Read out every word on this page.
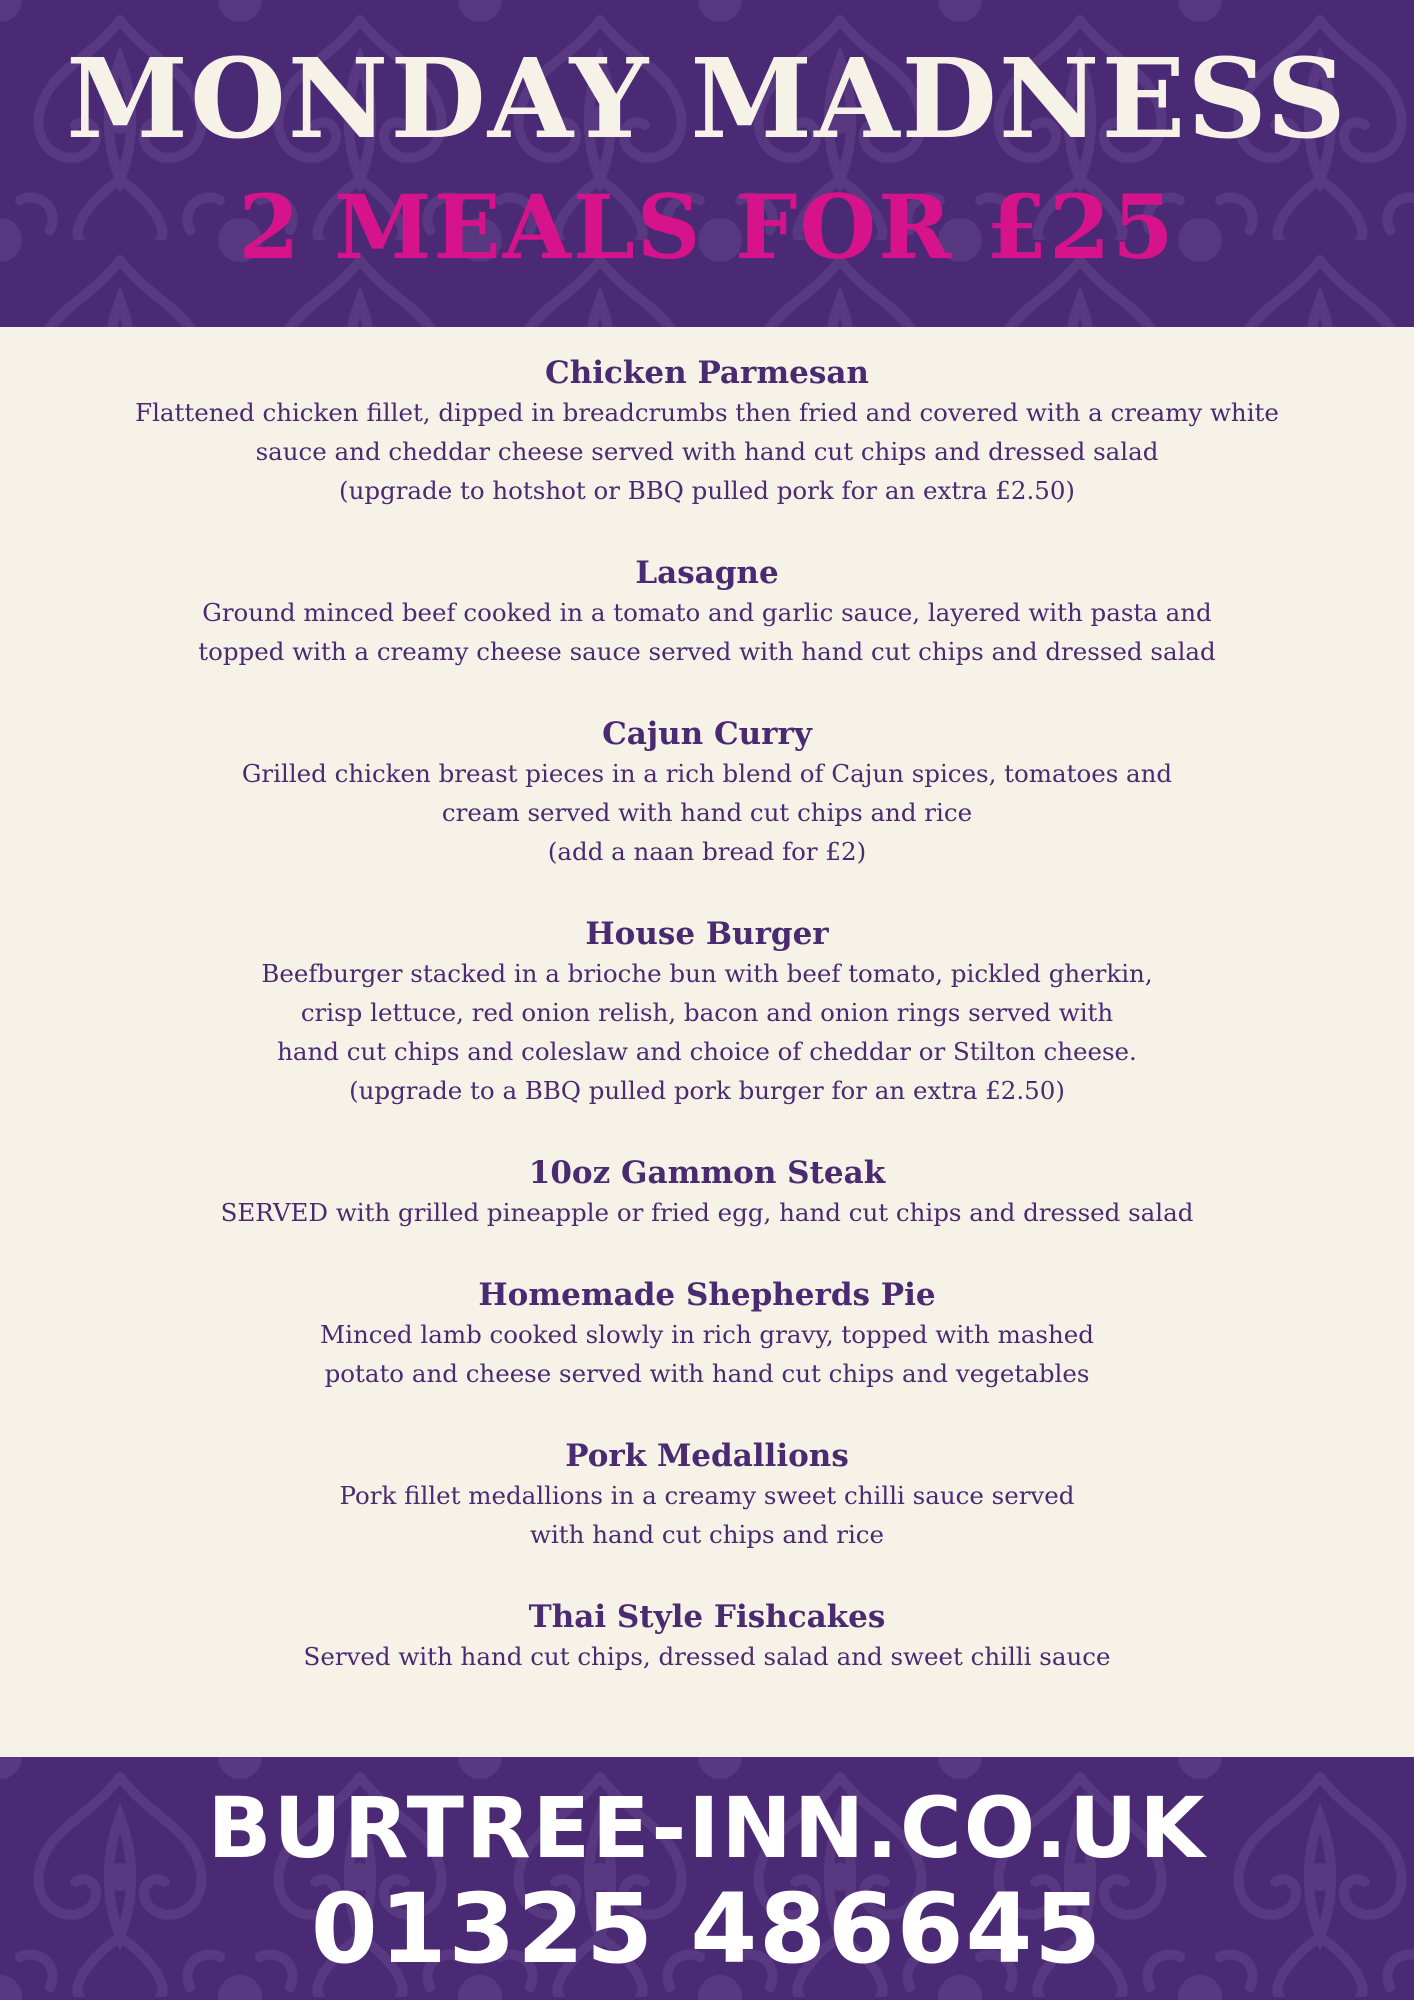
MONDAY MADNESS
2 MEALS FOR £25

Chicken Parmesan

Flattened chicken fillet, dipped in breadcrumbs then fried and covered with a creamy white
sauce and cheddar cheese served with hand cut chips and dressed salad
(upgrade to hotshot or BBQ pulled pork for an extra £2.50)

Lasagne

Ground minced beef cooked in a tomato and garlic sauce, layered with pasta and
topped with a creamy cheese sauce served with hand cut chips and dressed salad

Cajun Curry

Grilled chicken breast pieces in a rich blend of Cajun spices, tomatoes and
cream served with hand cut chips and rice
(add a naan bread for £2)

House Burger

Beefburger stacked in a brioche bun with beef tomato, pickled gherkin,
crisp lettuce, red onion relish, bacon and onion rings served with
hand cut chips and coleslaw and choice of cheddar or Stilton cheese.
(upgrade to a BBQ pulled pork burger for an extra £2.50)

10oz Gammon Steak

SERVED with grilled pineapple or fried egg, hand cut chips and dressed salad

Homemade Shepherds Pie

Minced lamb cooked slowly in rich gravy, topped with mashed
potato and cheese served with hand cut chips and vegetables

Pork Medallions

Pork fillet medallions in a creamy sweet chilli sauce served
with hand cut chips and rice

Thai Style Fishcakes

Served with hand cut chips, dressed salad and sweet chilli sauce

BURTREE-INN.CO.UK
01325 486645
